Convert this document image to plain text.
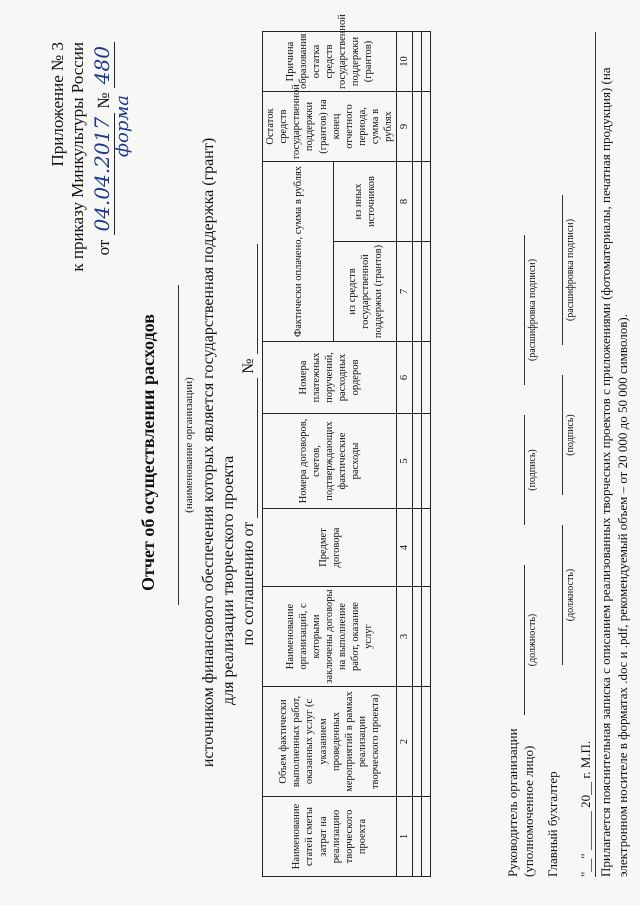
Приложение № 3 к приказу Минкультуры России от 04.04.2017 № 480
форма
Отчет об осуществлении расходов (наименование организации) источником финансового обеспечения которых является государственная поддержка (грант) для реализации творческого проекта по соглашению от  №
Наименование статей сметы затрат на реализацию творческого проекта	Объем фактически выполненных работ, оказанных услуг (с указанием проведенных мероприятий в рамках реализации творческого проекта)	Наименование организаций, с которыми заключены договоры на выполнение работ, оказание услуг	Предмет договора	Номера договоров, счетов, подтверждающих фактические расходы	Номера платежных поручений, расходных ордеров	Фактически оплачено, сумма в рублях		Остаток средств государственной поддержки (грантов) на конец отчетного периода, сумма в рублях	Причина образования остатка средств государственной поддержки (грантов)
						из средств государственной поддержки (грантов)	из иных источников		
1	2	3	4	5	6	7	8	9	10

Руководитель организации (уполномоченное лицо)
(должность)
(подпись)
(расшифровка подписи)
Главный бухгалтер
(должность)
(подпись)
(расшифровка подписи)
"__" ______ 20__ г. М.П. Прилагается пояснительная записка с описанием реализованных творческих проектов с приложениями (фотоматериалы, печатная продукция) (на электронном носителе в форматах .doc и .pdf, рекомендуемый объем – от 20 000 до 50 000 символов).
